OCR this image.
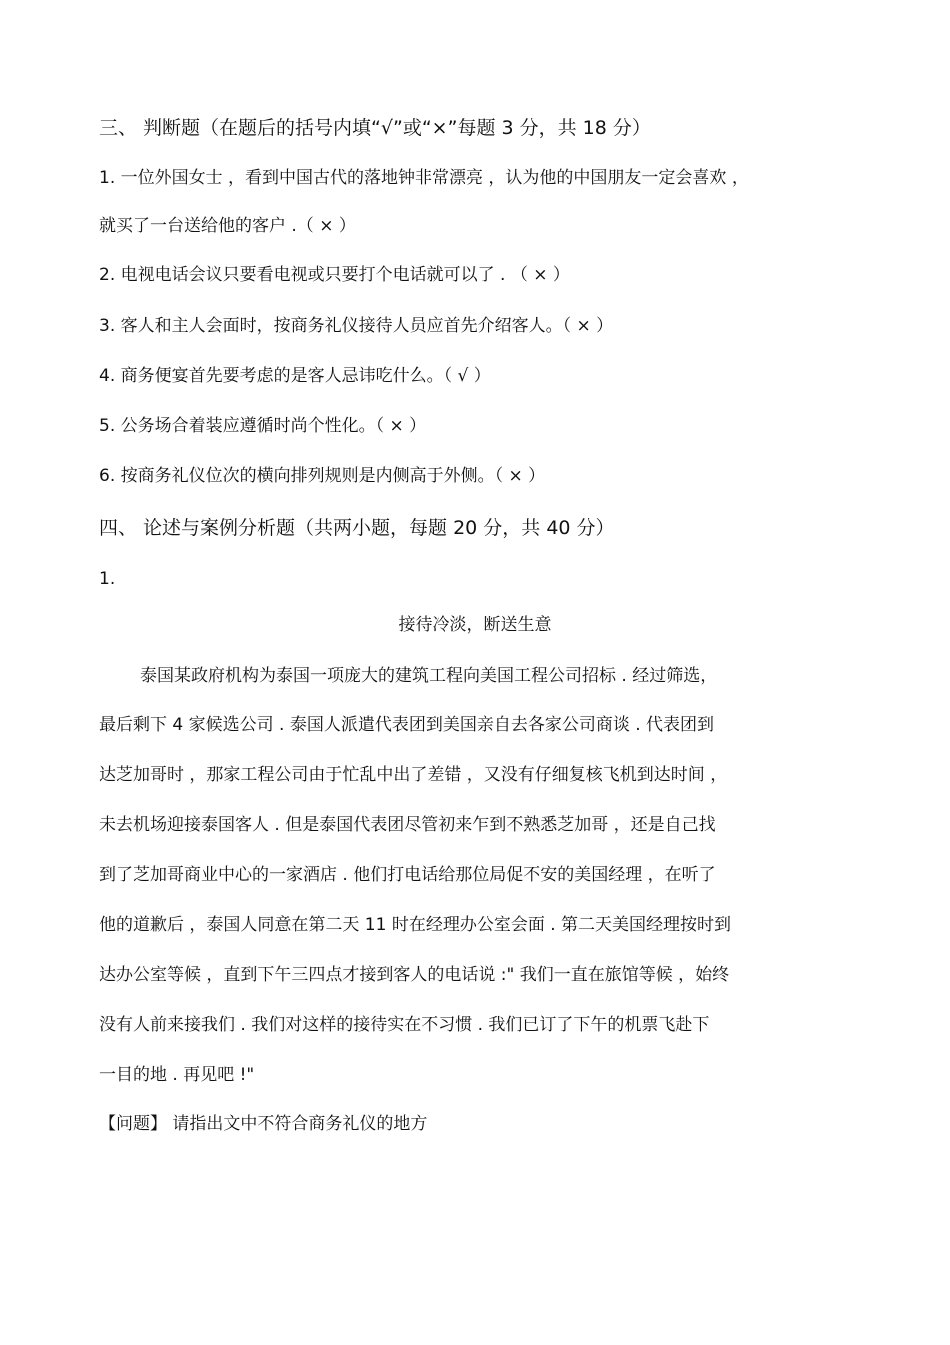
三、 判断题（在题后的括号内填“√”或“×”每题 3 分，共 18 分）
1. 一位外国女士 ，看到中国古代的落地钟非常漂亮 ，认为他的中国朋友一定会喜欢 ，
就买了一台送给他的客户 .（ × ）
2. 电视电话会议只要看电视或只要打个电话就可以了 . （ × ）
3. 客人和主人会面时，按商务礼仪接待人员应首先介绍客人。（ × ）
4. 商务便宴首先要考虑的是客人忌讳吃什么。（ √ ）
5. 公务场合着装应遵循时尚个性化。（ × ）
6. 按商务礼仪位次的横向排列规则是内侧高于外侧。（ × ）
四、 论述与案例分析题（共两小题，每题 20 分，共 40 分）
1.
接待冷淡，断送生意
泰国某政府机构为泰国一项庞大的建筑工程向美国工程公司招标 . 经过筛选，
最后剩下 4 家候选公司 . 泰国人派遣代表团到美国亲自去各家公司商谈 . 代表团到
达芝加哥时 ，那家工程公司由于忙乱中出了差错 ，又没有仔细复核飞机到达时间 ，
未去机场迎接泰国客人 . 但是泰国代表团尽管初来乍到不熟悉芝加哥 ，还是自己找
到了芝加哥商业中心的一家酒店 . 他们打电话给那位局促不安的美国经理 ，在听了
他的道歉后 ，泰国人同意在第二天 11 时在经理办公室会面 . 第二天美国经理按时到
达办公室等候 ，直到下午三四点才接到客人的电话说 :" 我们一直在旅馆等候 ，始终
没有人前来接我们 . 我们对这样的接待实在不习惯 . 我们已订了下午的机票飞赴下
一目的地 . 再见吧 !"
【问题】 请指出文中不符合商务礼仪的地方
